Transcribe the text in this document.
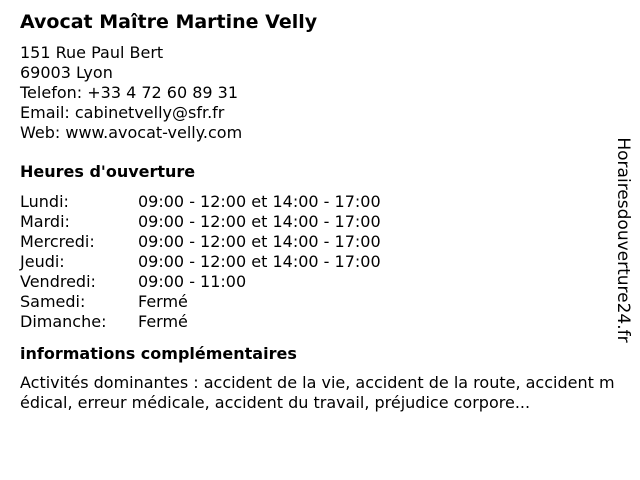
Avocat Maître Martine Velly
151 Rue Paul Bert
69003 Lyon
Telefon: +33 4 72 60 89 31
Email: cabinetvelly@sfr.fr
Web: www.avocat-velly.com
Heures d'ouverture
Lundi:	09:00 - 12:00 et 14:00 - 17:00
Mardi:	09:00 - 12:00 et 14:00 - 17:00
Mercredi:	09:00 - 12:00 et 14:00 - 17:00
Jeudi:	09:00 - 12:00 et 14:00 - 17:00
Vendredi:	09:00 - 11:00
Samedi:	Fermé
Dimanche:	Fermé
informations complémentaires
Activités dominantes : accident de la vie, accident de la route, accident médical, erreur médicale, accident du travail, préjudice corpore...
Horairesdouverture24.fr
